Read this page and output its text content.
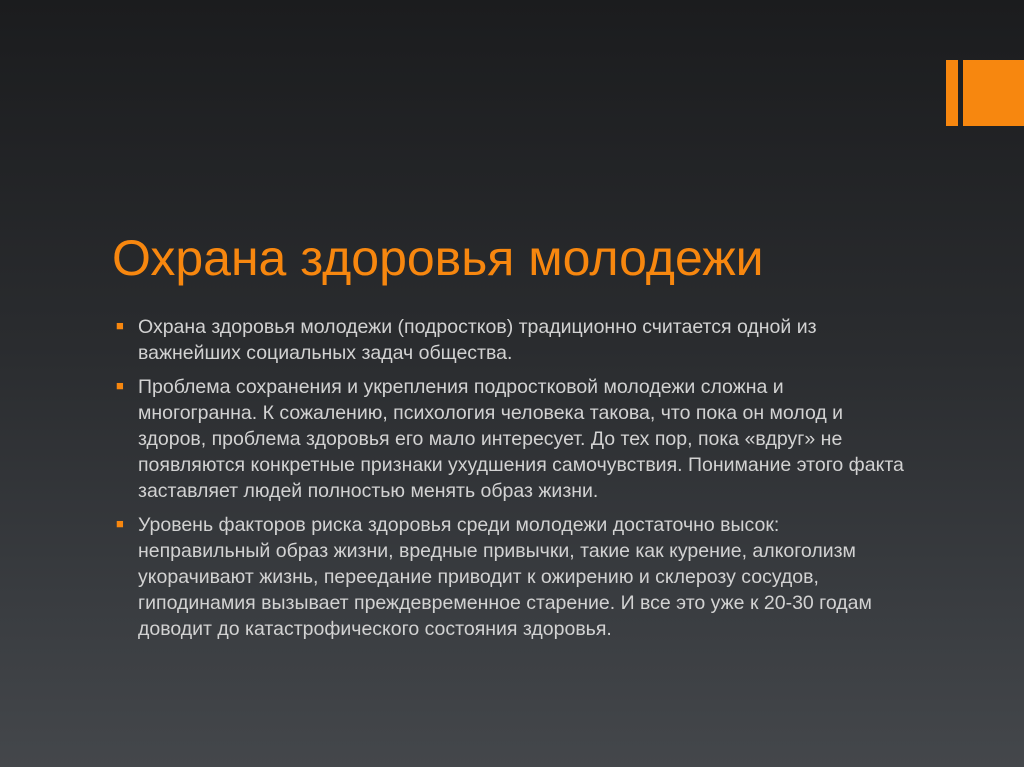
Охрана здоровья молодежи
■ Охрана здоровья молодежи (подростков) традиционно считается одной из важнейших социальных задач общества.
■ Проблема сохранения и укрепления подростковой молодежи сложна и многогранна. К сожалению, психология человека такова, что пока он молод и здоров, проблема здоровья его мало интересует. До тех пор, пока «вдруг» не появляются конкретные признаки ухудшения самочувствия. Понимание этого факта заставляет людей полностью менять образ жизни.
■ Уровень факторов риска здоровья среди молодежи достаточно высок: неправильный образ жизни, вредные привычки, такие как курение, алкоголизм укорачивают жизнь, переедание приводит к ожирению и склерозу сосудов, гиподинамия вызывает преждевременное старение. И все это уже к 20-30 годам доводит до катастрофического состояния здоровья.
